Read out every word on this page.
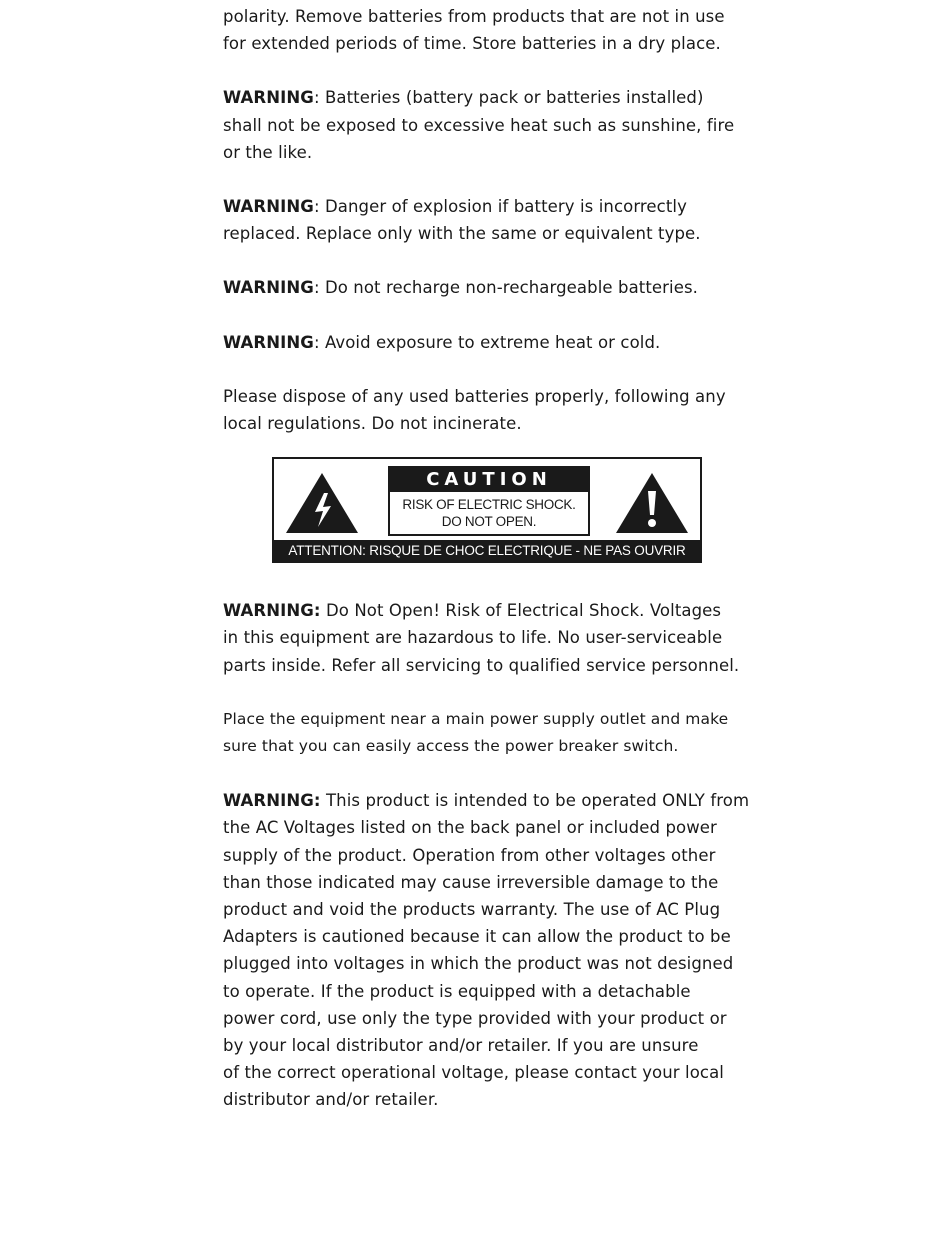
polarity. Remove batteries from products that are not in use
for extended periods of time. Store batteries in a dry place.

WARNING: Batteries (battery pack or batteries installed)
shall not be exposed to excessive heat such as sunshine, fire
or the like.

WARNING: Danger of explosion if battery is incorrectly
replaced. Replace only with the same or equivalent type.

WARNING: Do not recharge non-rechargeable batteries.

WARNING: Avoid exposure to extreme heat or cold.

Please dispose of any used batteries properly, following any
local regulations. Do not incinerate.

CAUTION
RISK OF ELECTRIC SHOCK.
DO NOT OPEN.
ATTENTION: RISQUE DE CHOC ELECTRIQUE - NE PAS OUVRIR

WARNING: Do Not Open! Risk of Electrical Shock. Voltages
in this equipment are hazardous to life. No user-serviceable
parts inside. Refer all servicing to qualified service personnel.

Place the equipment near a main power supply outlet and make
sure that you can easily access the power breaker switch.

WARNING: This product is intended to be operated ONLY from
the AC Voltages listed on the back panel or included power
supply of the product. Operation from other voltages other
than those indicated may cause irreversible damage to the
product and void the products warranty. The use of AC Plug
Adapters is cautioned because it can allow the product to be
plugged into voltages in which the product was not designed
to operate. If the product is equipped with a detachable
power cord, use only the type provided with your product or
by your local distributor and/or retailer. If you are unsure
of the correct operational voltage, please contact your local
distributor and/or retailer.
